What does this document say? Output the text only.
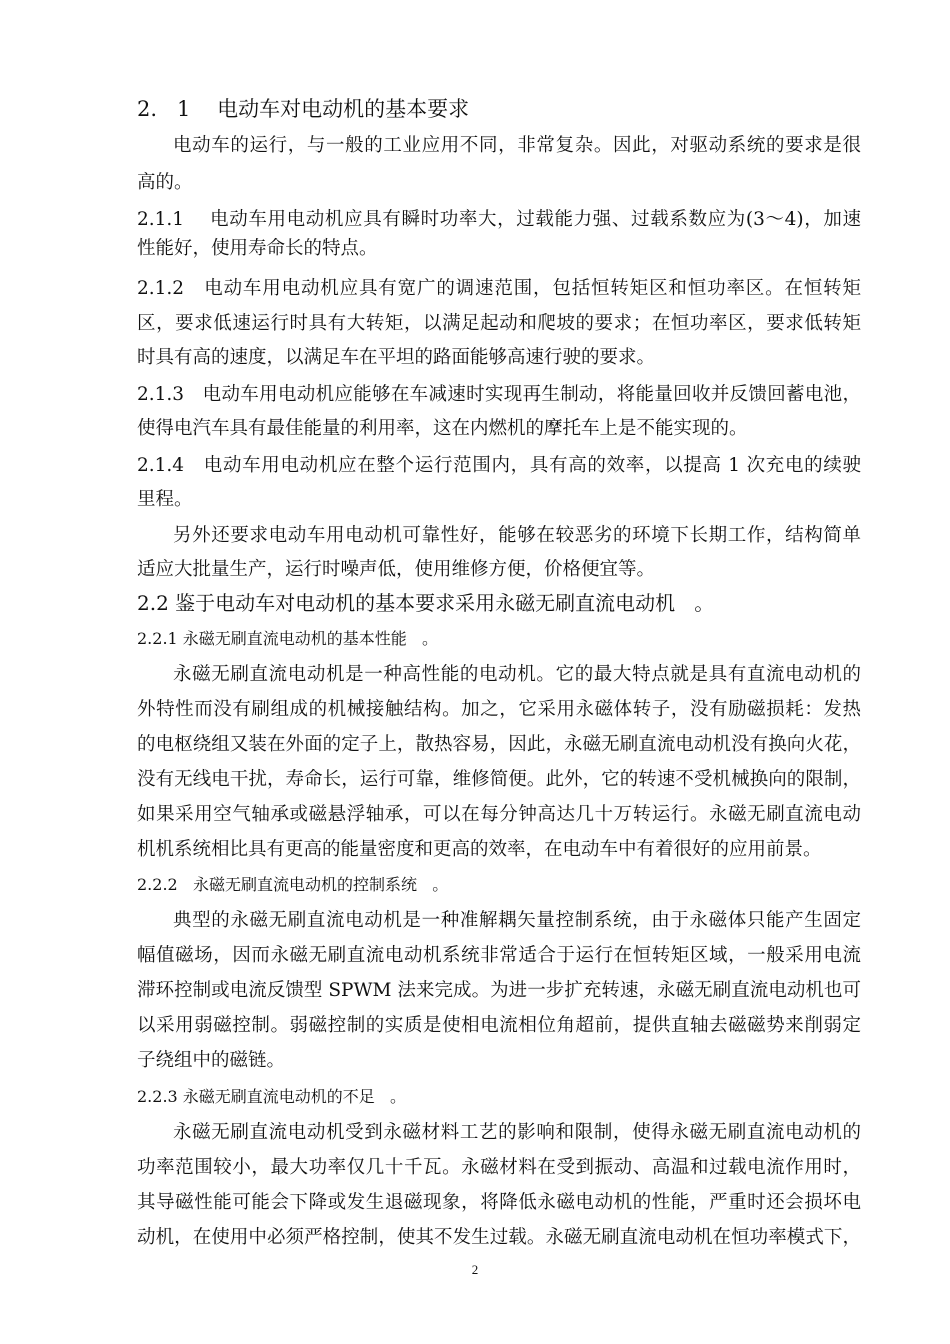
2.   1    电动车对电动机的基本要求
电动车的运行，与一般的工业应用不同，非常复杂。因此，对驱动系统的要求是很
高的。
2.1.1    电动车用电动机应具有瞬时功率大，过载能力强、过载系数应为(3～4)，加速
性能好，使用寿命长的特点。
2.1.2   电动车用电动机应具有宽广的调速范围，包括恒转矩区和恒功率区。在恒转矩
区，要求低速运行时具有大转矩，以满足起动和爬坡的要求；在恒功率区，要求低转矩
时具有高的速度，以满足车在平坦的路面能够高速行驶的要求。
2.1.3   电动车用电动机应能够在车减速时实现再生制动，将能量回收并反馈回蓄电池，
使得电汽车具有最佳能量的利用率，这在内燃机的摩托车上是不能实现的。
2.1.4   电动车用电动机应在整个运行范围内，具有高的效率，以提高 1 次充电的续驶
里程。
另外还要求电动车用电动机可靠性好，能够在较恶劣的环境下长期工作，结构简单
适应大批量生产，运行时噪声低，使用维修方便，价格便宜等。
2.2 鉴于电动车对电动机的基本要求采用永磁无刷直流电动机   。
2.2.1 永磁无刷直流电动机的基本性能   。
永磁无刷直流电动机是一种高性能的电动机。它的最大特点就是具有直流电动机的
外特性而没有刷组成的机械接触结构。加之，它采用永磁体转子，没有励磁损耗：发热
的电枢绕组又装在外面的定子上，散热容易，因此，永磁无刷直流电动机没有换向火花，
没有无线电干扰，寿命长，运行可靠，维修简便。此外，它的转速不受机械换向的限制，
如果采用空气轴承或磁悬浮轴承，可以在每分钟高达几十万转运行。永磁无刷直流电动
机机系统相比具有更高的能量密度和更高的效率，在电动车中有着很好的应用前景。
2.2.2   永磁无刷直流电动机的控制系统   。
典型的永磁无刷直流电动机是一种准解耦矢量控制系统，由于永磁体只能产生固定
幅值磁场，因而永磁无刷直流电动机系统非常适合于运行在恒转矩区域，一般采用电流
滞环控制或电流反馈型 SPWM 法来完成。为进一步扩充转速，永磁无刷直流电动机也可
以采用弱磁控制。弱磁控制的实质是使相电流相位角超前，提供直轴去磁磁势来削弱定
子绕组中的磁链。
2.2.3 永磁无刷直流电动机的不足   。
永磁无刷直流电动机受到永磁材料工艺的影响和限制，使得永磁无刷直流电动机的
功率范围较小，最大功率仅几十千瓦。永磁材料在受到振动、高温和过载电流作用时，
其导磁性能可能会下降或发生退磁现象，将降低永磁电动机的性能，严重时还会损坏电
动机，在使用中必须严格控制，使其不发生过载。永磁无刷直流电动机在恒功率模式下，
2
